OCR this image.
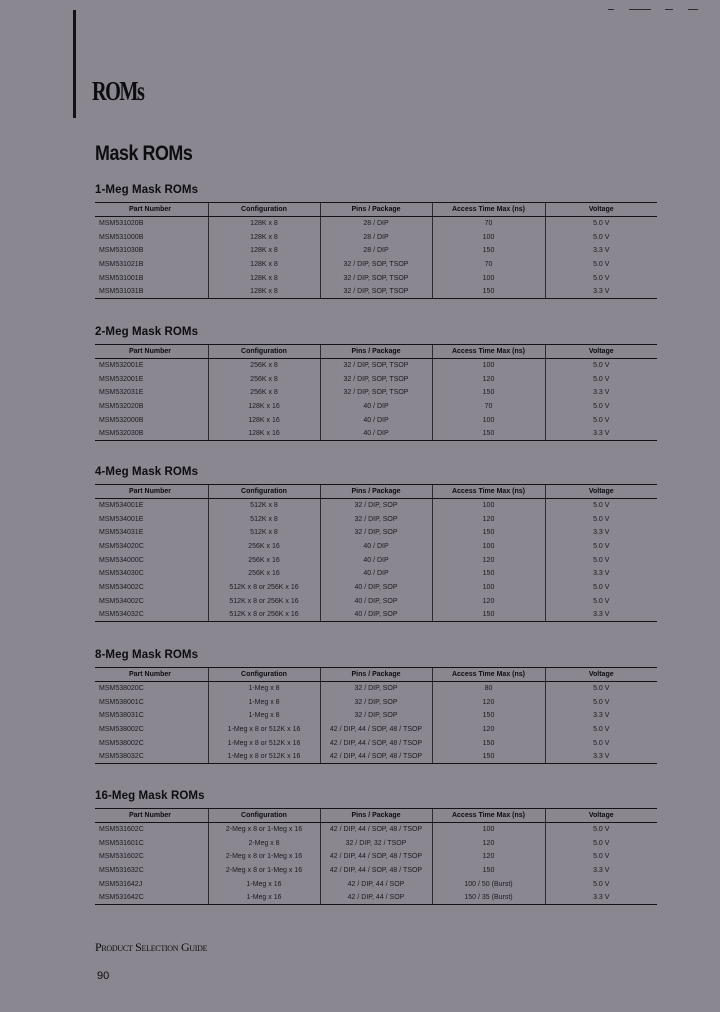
ROMs
Mask ROMs
1-Meg Mask ROMs
Part Number	Configuration	Pins / Package	Access Time Max (ns)	Voltage
MSM531020B	128K x 8	28 / DIP	70	5.0 V
MSM531000B	128K x 8	28 / DIP	100	5.0 V
MSM531030B	128K x 8	28 / DIP	150	3.3 V
MSM531021B	128K x 8	32 / DIP, SOP, TSOP	70	5.0 V
MSM531001B	128K x 8	32 / DIP, SOP, TSOP	100	5.0 V
MSM531031B	128K x 8	32 / DIP, SOP, TSOP	150	3.3 V
2-Meg Mask ROMs
Part Number	Configuration	Pins / Package	Access Time Max (ns)	Voltage
MSM532001E	256K x 8	32 / DIP, SOP, TSOP	100	5.0 V
MSM532001E	256K x 8	32 / DIP, SOP, TSOP	120	5.0 V
MSM532031E	256K x 8	32 / DIP, SOP, TSOP	150	3.3 V
MSM532020B	128K x 16	40 / DIP	70	5.0 V
MSM532000B	128K x 16	40 / DIP	100	5.0 V
MSM532030B	128K x 16	40 / DIP	150	3.3 V
4-Meg Mask ROMs
Part Number	Configuration	Pins / Package	Access Time Max (ns)	Voltage
MSM534001E	512K x 8	32 / DIP, SOP	100	5.0 V
MSM534001E	512K x 8	32 / DIP, SOP	120	5.0 V
MSM534031E	512K x 8	32 / DIP, SOP	150	3.3 V
MSM534020C	256K x 16	40 / DIP	100	5.0 V
MSM534000C	256K x 16	40 / DIP	120	5.0 V
MSM534030C	256K x 16	40 / DIP	150	3.3 V
MSM534002C	512K x 8 or 256K x 16	40 / DIP, SOP	100	5.0 V
MSM534002C	512K x 8 or 256K x 16	40 / DIP, SOP	120	5.0 V
MSM534032C	512K x 8 or 256K x 16	40 / DIP, SOP	150	3.3 V
8-Meg Mask ROMs
Part Number	Configuration	Pins / Package	Access Time Max (ns)	Voltage
MSM538020C	1-Meg x 8	32 / DIP, SOP	80	5.0 V
MSM538001C	1-Meg x 8	32 / DIP, SOP	120	5.0 V
MSM538031C	1-Meg x 8	32 / DIP, SOP	150	3.3 V
MSM538002C	1-Meg x 8 or 512K x 16	42 / DIP, 44 / SOP, 48 / TSOP	120	5.0 V
MSM538002C	1-Meg x 8 or 512K x 16	42 / DIP, 44 / SOP, 48 / TSOP	150	5.0 V
MSM538032C	1-Meg x 8 or 512K x 16	42 / DIP, 44 / SOP, 48 / TSOP	150	3.3 V
16-Meg Mask ROMs
Part Number	Configuration	Pins / Package	Access Time Max (ns)	Voltage
MSM531602C	2-Meg x 8 or 1-Meg x 16	42 / DIP, 44 / SOP, 48 / TSOP	100	5.0 V
MSM531601C	2-Meg x 8	32 / DIP, 32 / TSOP	120	5.0 V
MSM531602C	2-Meg x 8 or 1-Meg x 16	42 / DIP, 44 / SOP, 48 / TSOP	120	5.0 V
MSM531632C	2-Meg x 8 or 1-Meg x 16	42 / DIP, 44 / SOP, 48 / TSOP	150	3.3 V
MSM531642J	1-Meg x 16	42 / DIP, 44 / SOP	100 / 50 (Burst)	5.0 V
MSM531642C	1-Meg x 16	42 / DIP, 44 / SOP	150 / 35 (Burst)	3.3 V
Product Selection Guide
90
